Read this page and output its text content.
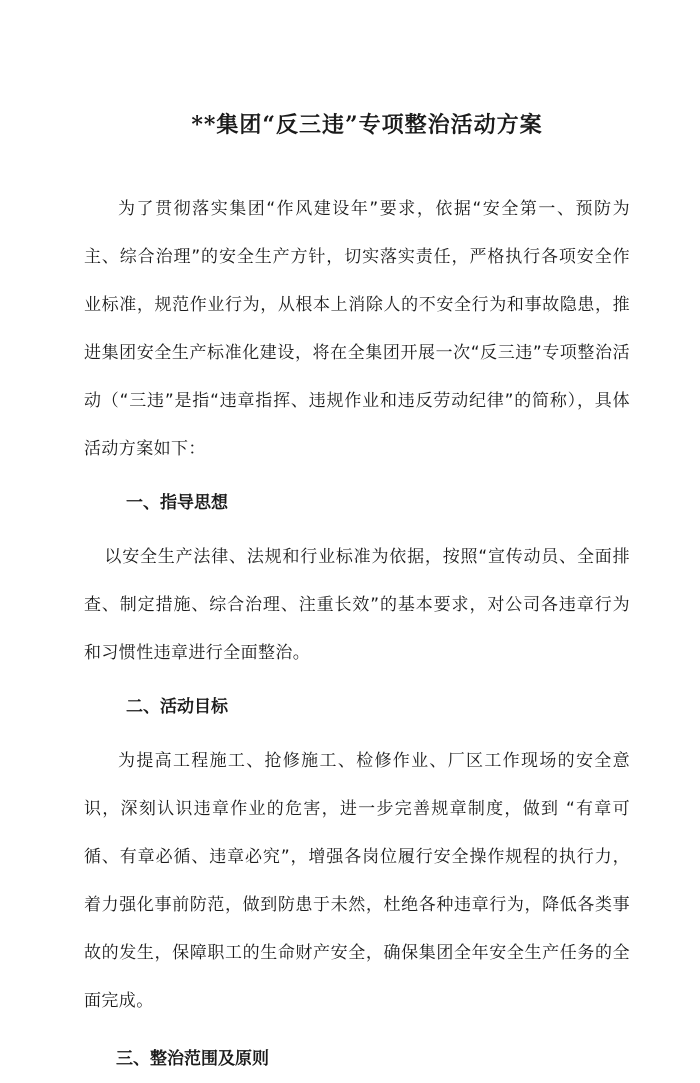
**集团“反三违”专项整治活动方案

为了贯彻落实集团“作风建设年”要求，依据“安全第一、预防为主、综合治理”的安全生产方针，切实落实责任，严格执行各项安全作业标准，规范作业行为，从根本上消除人的不安全行为和事故隐患，推进集团安全生产标准化建设，将在全集团开展一次“反三违”专项整治活动（“三违”是指“违章指挥、违规作业和违反劳动纪律”的简称），具体活动方案如下：

一、指导思想

以安全生产法律、法规和行业标准为依据，按照“宣传动员、全面排查、制定措施、综合治理、注重长效”的基本要求，对公司各违章行为和习惯性违章进行全面整治。

二、活动目标

为提高工程施工、抢修施工、检修作业、厂区工作现场的安全意识，深刻认识违章作业的危害，进一步完善规章制度，做到 “有章可循、有章必循、违章必究”，增强各岗位履行安全操作规程的执行力，着力强化事前防范，做到防患于未然，杜绝各种违章行为，降低各类事故的发生，保障职工的生命财产安全，确保集团全年安全生产任务的全面完成。

三、整治范围及原则
